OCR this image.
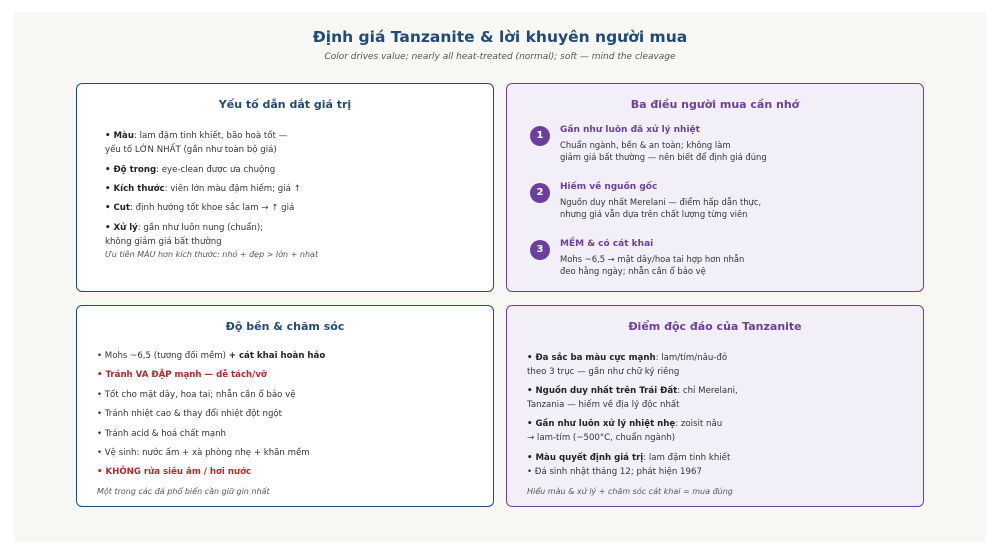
Định giá Tanzanite & lời khuyên người mua
Color drives value; nearly all heat-treated (normal); soft — mind the cleavage
Yếu tố dẫn dắt giá trị
• Màu: lam đậm tinh khiết, bão hoà tốt —
yếu tố LỚN NHẤT (gần như toàn bộ giá)
• Độ trong: eye-clean được ưa chuộng
• Kích thước: viên lớn màu đậm hiếm; giá ↑
• Cut: định hướng tốt khoe sắc lam → ↑ giá
• Xử lý: gần như luôn nung (chuẩn);
không giảm giá bất thường
Ưu tiên MÀU hơn kích thước: nhỏ + đẹp > lớn + nhạt
Ba điều người mua cần nhớ
1	Gần như luôn đã xử lý nhiệt
Chuẩn ngành, bền & an toàn; không làm
giảm giá bất thường — nên biết để định giá đúng
2	Hiếm về nguồn gốc
Nguồn duy nhất Merelani — điểm hấp dẫn thực,
nhưng giá vẫn dựa trên chất lượng từng viên
3	MỀM & có cát khai
Mohs ~6,5 → mặt dây/hoa tai hợp hơn nhẫn
đeo hằng ngày; nhẫn cần ổ bảo vệ
Độ bền & chăm sóc
• Mohs ~6,5 (tương đối mềm) + cát khai hoàn hảo
• Tránh VA ĐẬP mạnh — dễ tách/vỡ
• Tốt cho mặt dây, hoa tai; nhẫn cần ổ bảo vệ
• Tránh nhiệt cao & thay đổi nhiệt đột ngột
• Tránh acid & hoá chất mạnh
• Vệ sinh: nước ấm + xà phòng nhẹ + khăn mềm
• KHÔNG rửa siêu âm / hơi nước
Một trong các đá phổ biến cần giữ gìn nhất
Điểm độc đáo của Tanzanite
• Đa sắc ba màu cực mạnh: lam/tím/nâu-đỏ
theo 3 trục — gần như chữ ký riêng
• Nguồn duy nhất trên Trái Đất: chỉ Merelani,
Tanzania — hiếm về địa lý độc nhất
• Gần như luôn xử lý nhiệt nhẹ: zoisit nâu
→ lam-tím (~500°C, chuẩn ngành)
• Màu quyết định giá trị: lam đậm tinh khiết
• Đá sinh nhật tháng 12; phát hiện 1967
Hiểu màu & xử lý + chăm sóc cát khai = mua đúng
